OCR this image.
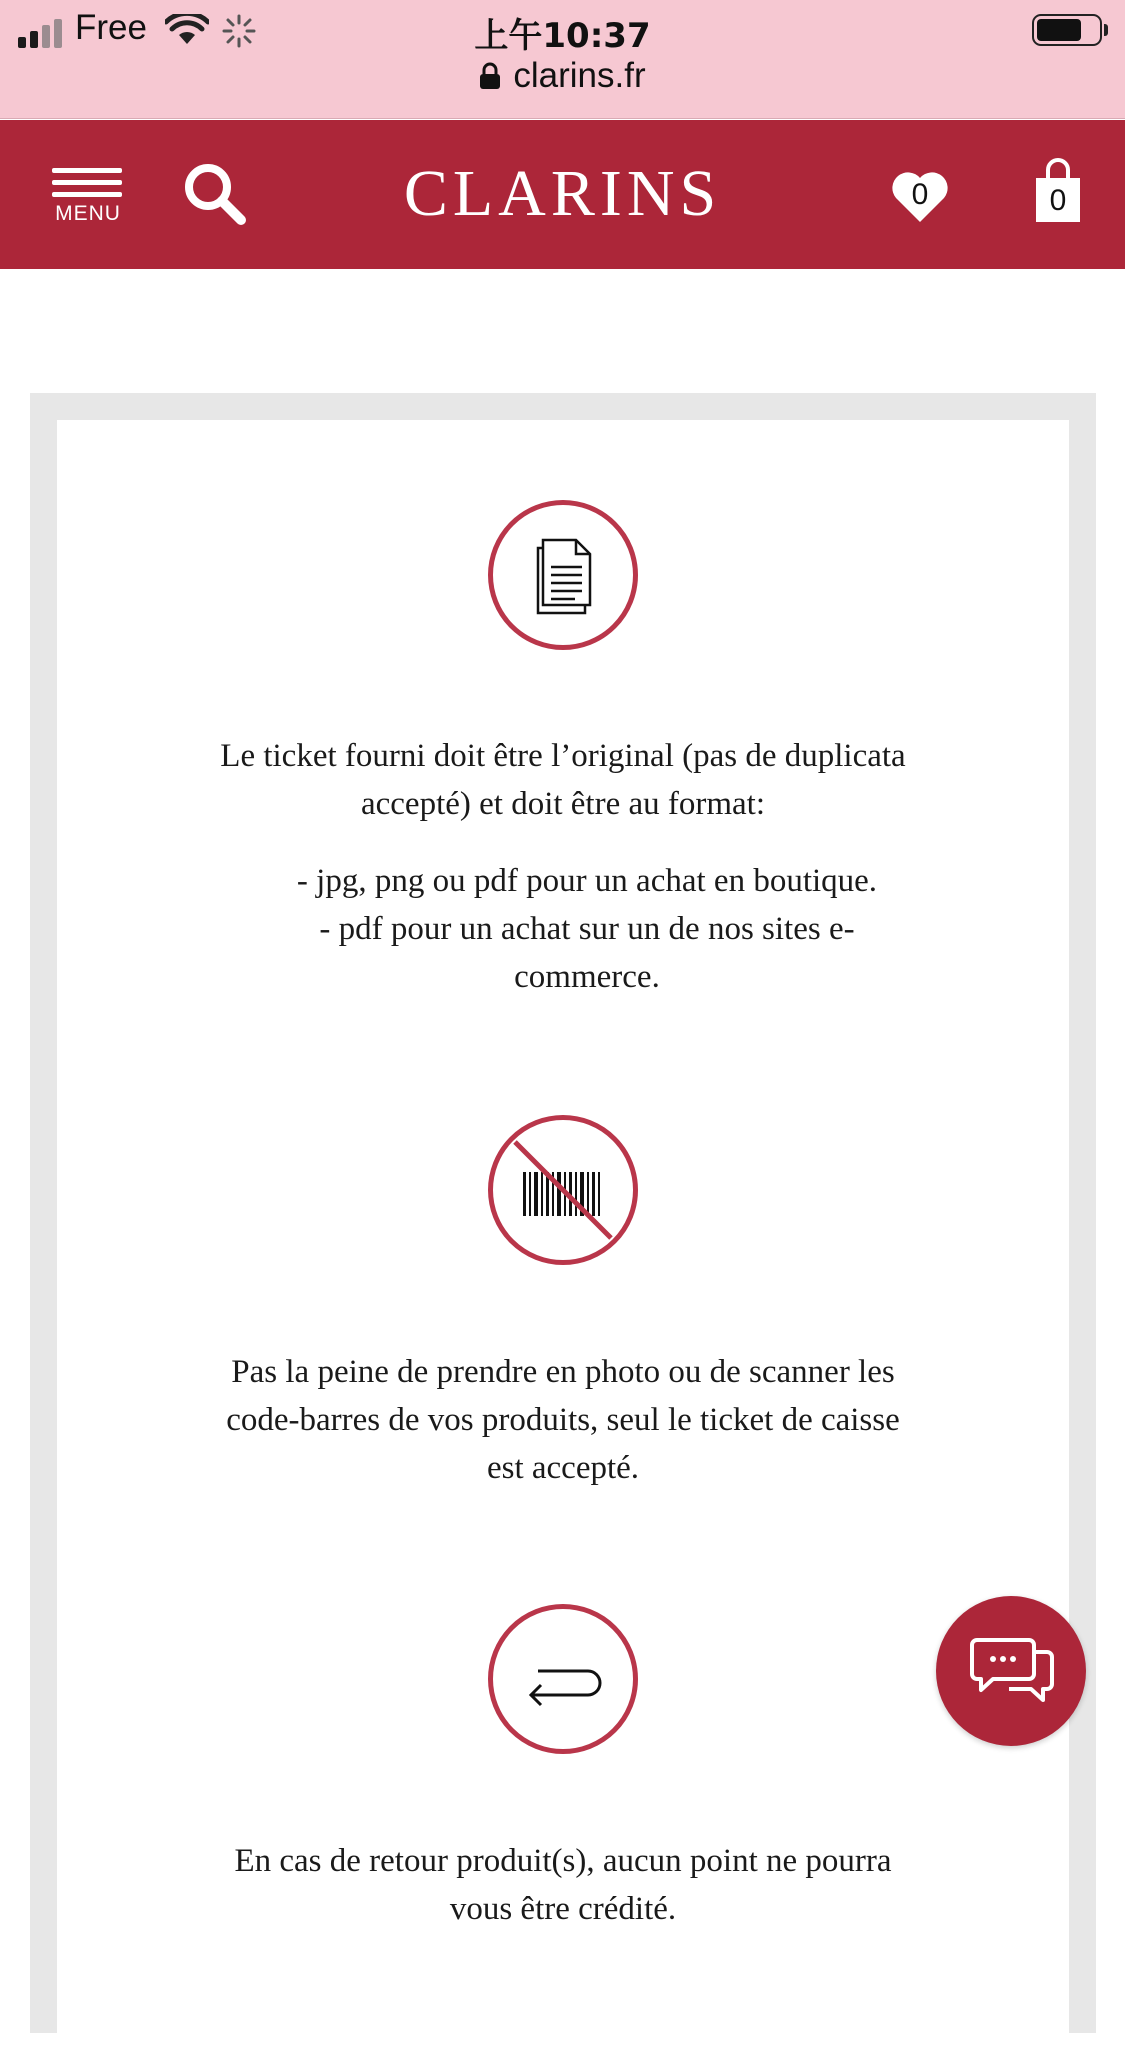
Free	上午10:37
clarins.fr
MENU	CLARINS	0	0
Le ticket fourni doit être l’original (pas de duplicata
accepté) et doit être au format:
- jpg, png ou pdf pour un achat en boutique.
- pdf pour un achat sur un de nos sites e-
commerce.
Pas la peine de prendre en photo ou de scanner les
code-barres de vos produits, seul le ticket de caisse
est accepté.
En cas de retour produit(s), aucun point ne pourra
vous être crédité.
